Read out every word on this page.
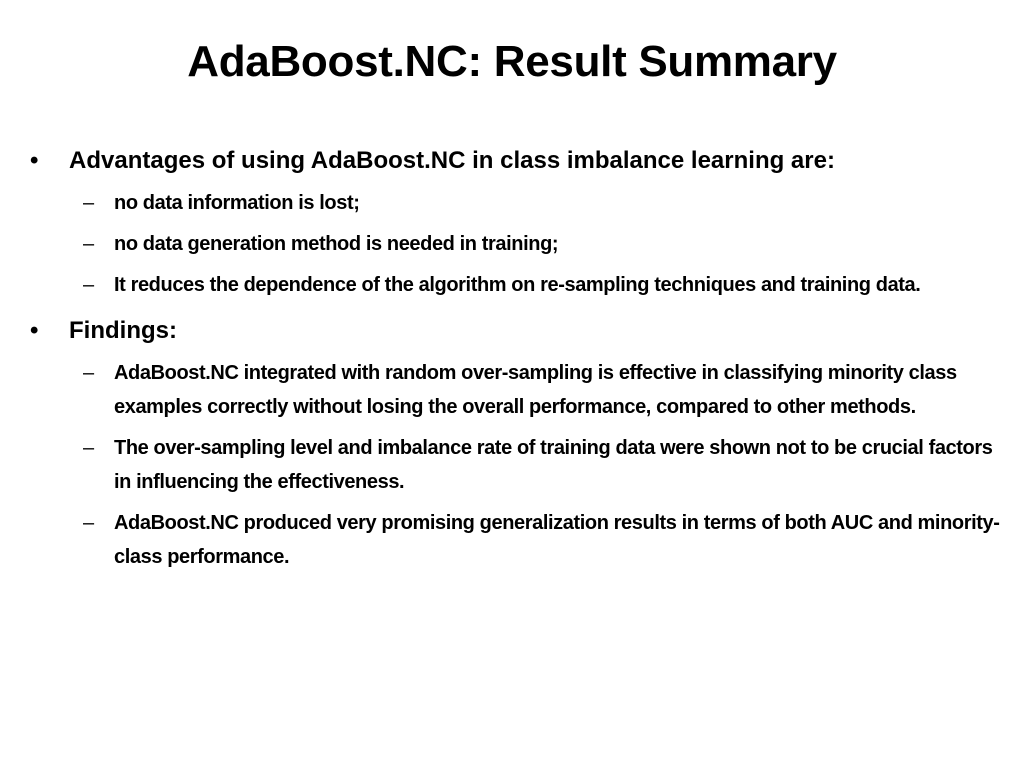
AdaBoost.NC: Result Summary
•	Advantages of using AdaBoost.NC in class imbalance learning are:
– no data information is lost;
– no data generation method is needed in training;
– It reduces the dependence of the algorithm on re-sampling techniques and training data.
•	Findings:
– AdaBoost.NC integrated with random over-sampling is effective in classifying minority class examples correctly without losing the overall performance, compared to other methods.
– The over-sampling level and imbalance rate of training data were shown not to be crucial factors in influencing the effectiveness.
– AdaBoost.NC produced very promising generalization results in terms of both AUC and minority-class performance.
